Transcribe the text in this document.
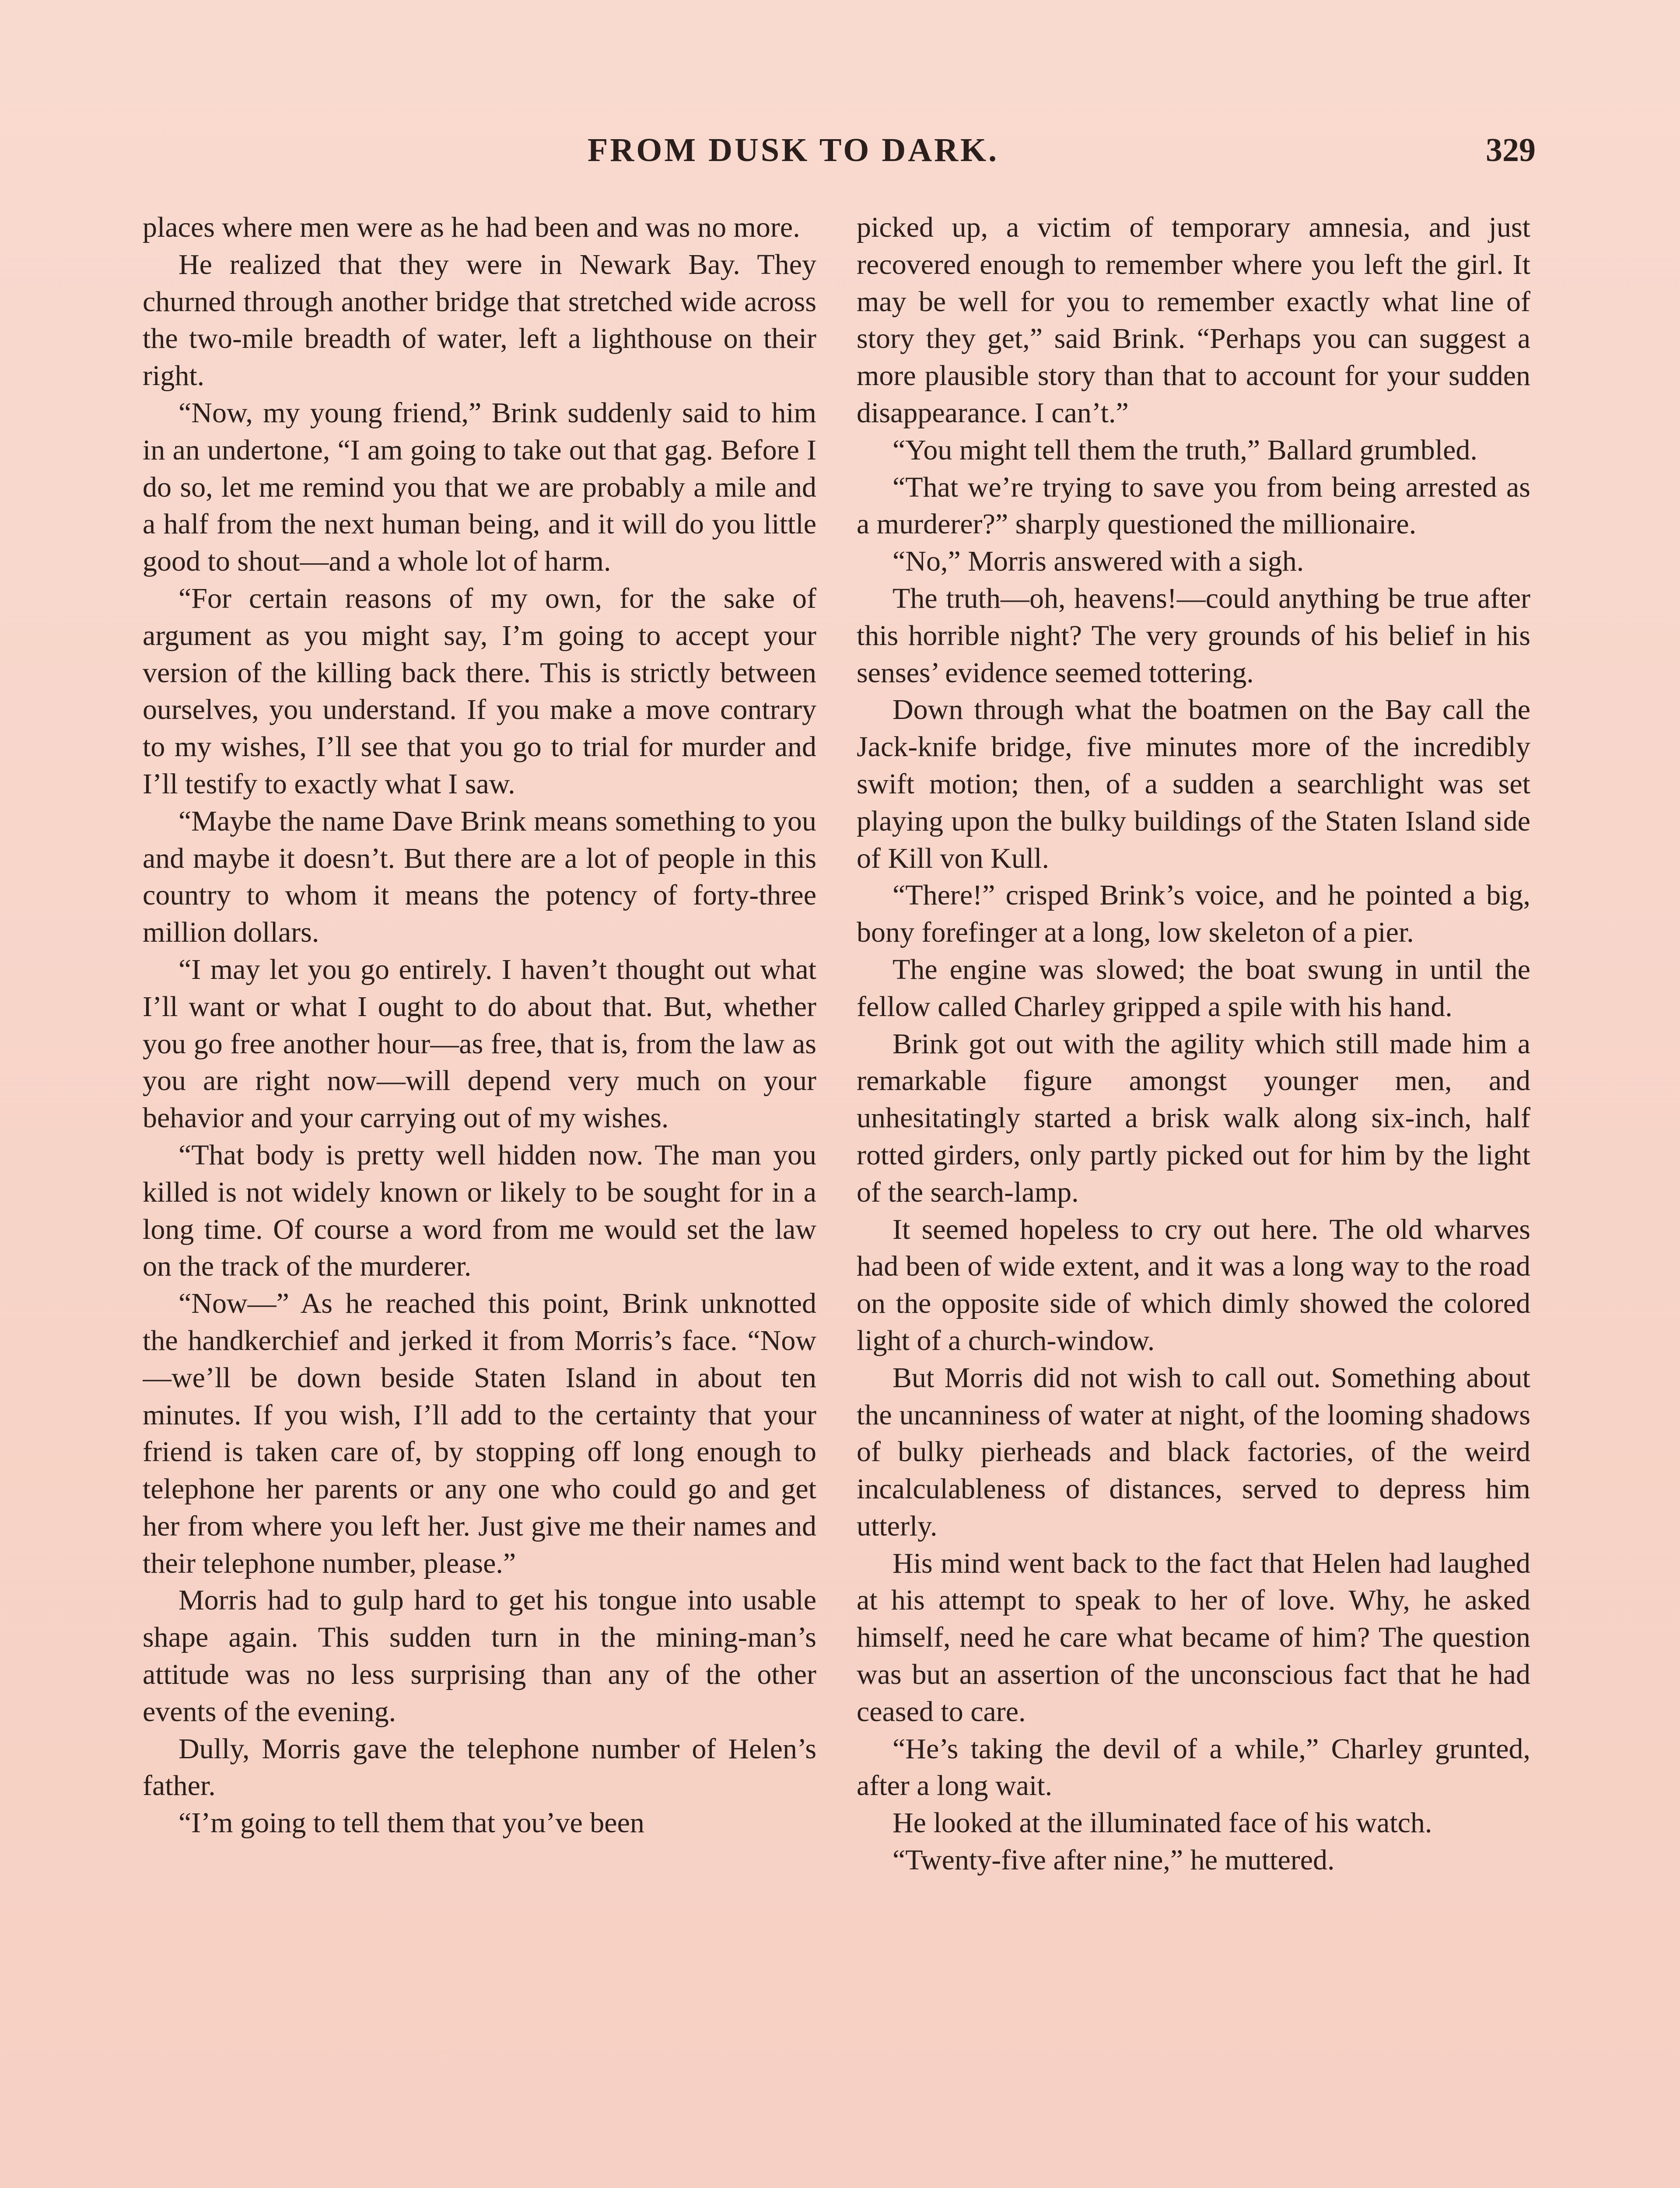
FROM DUSK TO DARK.	329

places where men were as he had been and was no more.

He realized that they were in Newark Bay. They churned through another bridge that stretched wide across the two-mile breadth of water, left a lighthouse on their right.

“Now, my young friend,” Brink suddenly said to him in an undertone, “I am going to take out that gag. Before I do so, let me remind you that we are probably a mile and a half from the next human being, and it will do you little good to shout—and a whole lot of harm.

“For certain reasons of my own, for the sake of argument as you might say, I’m going to accept your version of the killing back there. This is strictly between ourselves, you understand. If you make a move contrary to my wishes, I’ll see that you go to trial for murder and I’ll testify to exactly what I saw.

“Maybe the name Dave Brink means something to you and maybe it doesn’t. But there are a lot of people in this country to whom it means the potency of forty-three million dollars.

“I may let you go entirely. I haven’t thought out what I’ll want or what I ought to do about that. But, whether you go free another hour—as free, that is, from the law as you are right now—will depend very much on your behavior and your carrying out of my wishes.

“That body is pretty well hidden now. The man you killed is not widely known or likely to be sought for in a long time. Of course a word from me would set the law on the track of the murderer.

“Now—” As he reached this point, Brink unknotted the handkerchief and jerked it from Morris’s face. “Now—we’ll be down beside Staten Island in about ten minutes. If you wish, I’ll add to the certainty that your friend is taken care of, by stopping off long enough to telephone her parents or any one who could go and get her from where you left her. Just give me their names and their telephone number, please.”

Morris had to gulp hard to get his tongue into usable shape again. This sudden turn in the mining-man’s attitude was no less surprising than any of the other events of the evening.

Dully, Morris gave the telephone number of Helen’s father.

“I’m going to tell them that you’ve been

picked up, a victim of temporary amnesia, and just recovered enough to remember where you left the girl. It may be well for you to remember exactly what line of story they get,” said Brink. “Perhaps you can suggest a more plausible story than that to account for your sudden disappearance. I can’t.”

“You might tell them the truth,” Ballard grumbled.

“That we’re trying to save you from being arrested as a murderer?” sharply questioned the millionaire.

“No,” Morris answered with a sigh.

The truth—oh, heavens!—could anything be true after this horrible night? The very grounds of his belief in his senses’ evidence seemed tottering.

Down through what the boatmen on the Bay call the Jack-knife bridge, five minutes more of the incredibly swift motion; then, of a sudden a searchlight was set playing upon the bulky buildings of the Staten Island side of Kill von Kull.

“There!” crisped Brink’s voice, and he pointed a big, bony forefinger at a long, low skeleton of a pier.

The engine was slowed; the boat swung in until the fellow called Charley gripped a spile with his hand.

Brink got out with the agility which still made him a remarkable figure amongst younger men, and unhesitatingly started a brisk walk along six-inch, half rotted girders, only partly picked out for him by the light of the search-lamp.

It seemed hopeless to cry out here. The old wharves had been of wide extent, and it was a long way to the road on the opposite side of which dimly showed the colored light of a church-window.

But Morris did not wish to call out. Something about the uncanniness of water at night, of the looming shadows of bulky pierheads and black factories, of the weird incalculableness of distances, served to depress him utterly.

His mind went back to the fact that Helen had laughed at his attempt to speak to her of love. Why, he asked himself, need he care what became of him? The question was but an assertion of the unconscious fact that he had ceased to care.

“He’s taking the devil of a while,” Charley grunted, after a long wait.

He looked at the illuminated face of his watch.

“Twenty-five after nine,” he muttered.
